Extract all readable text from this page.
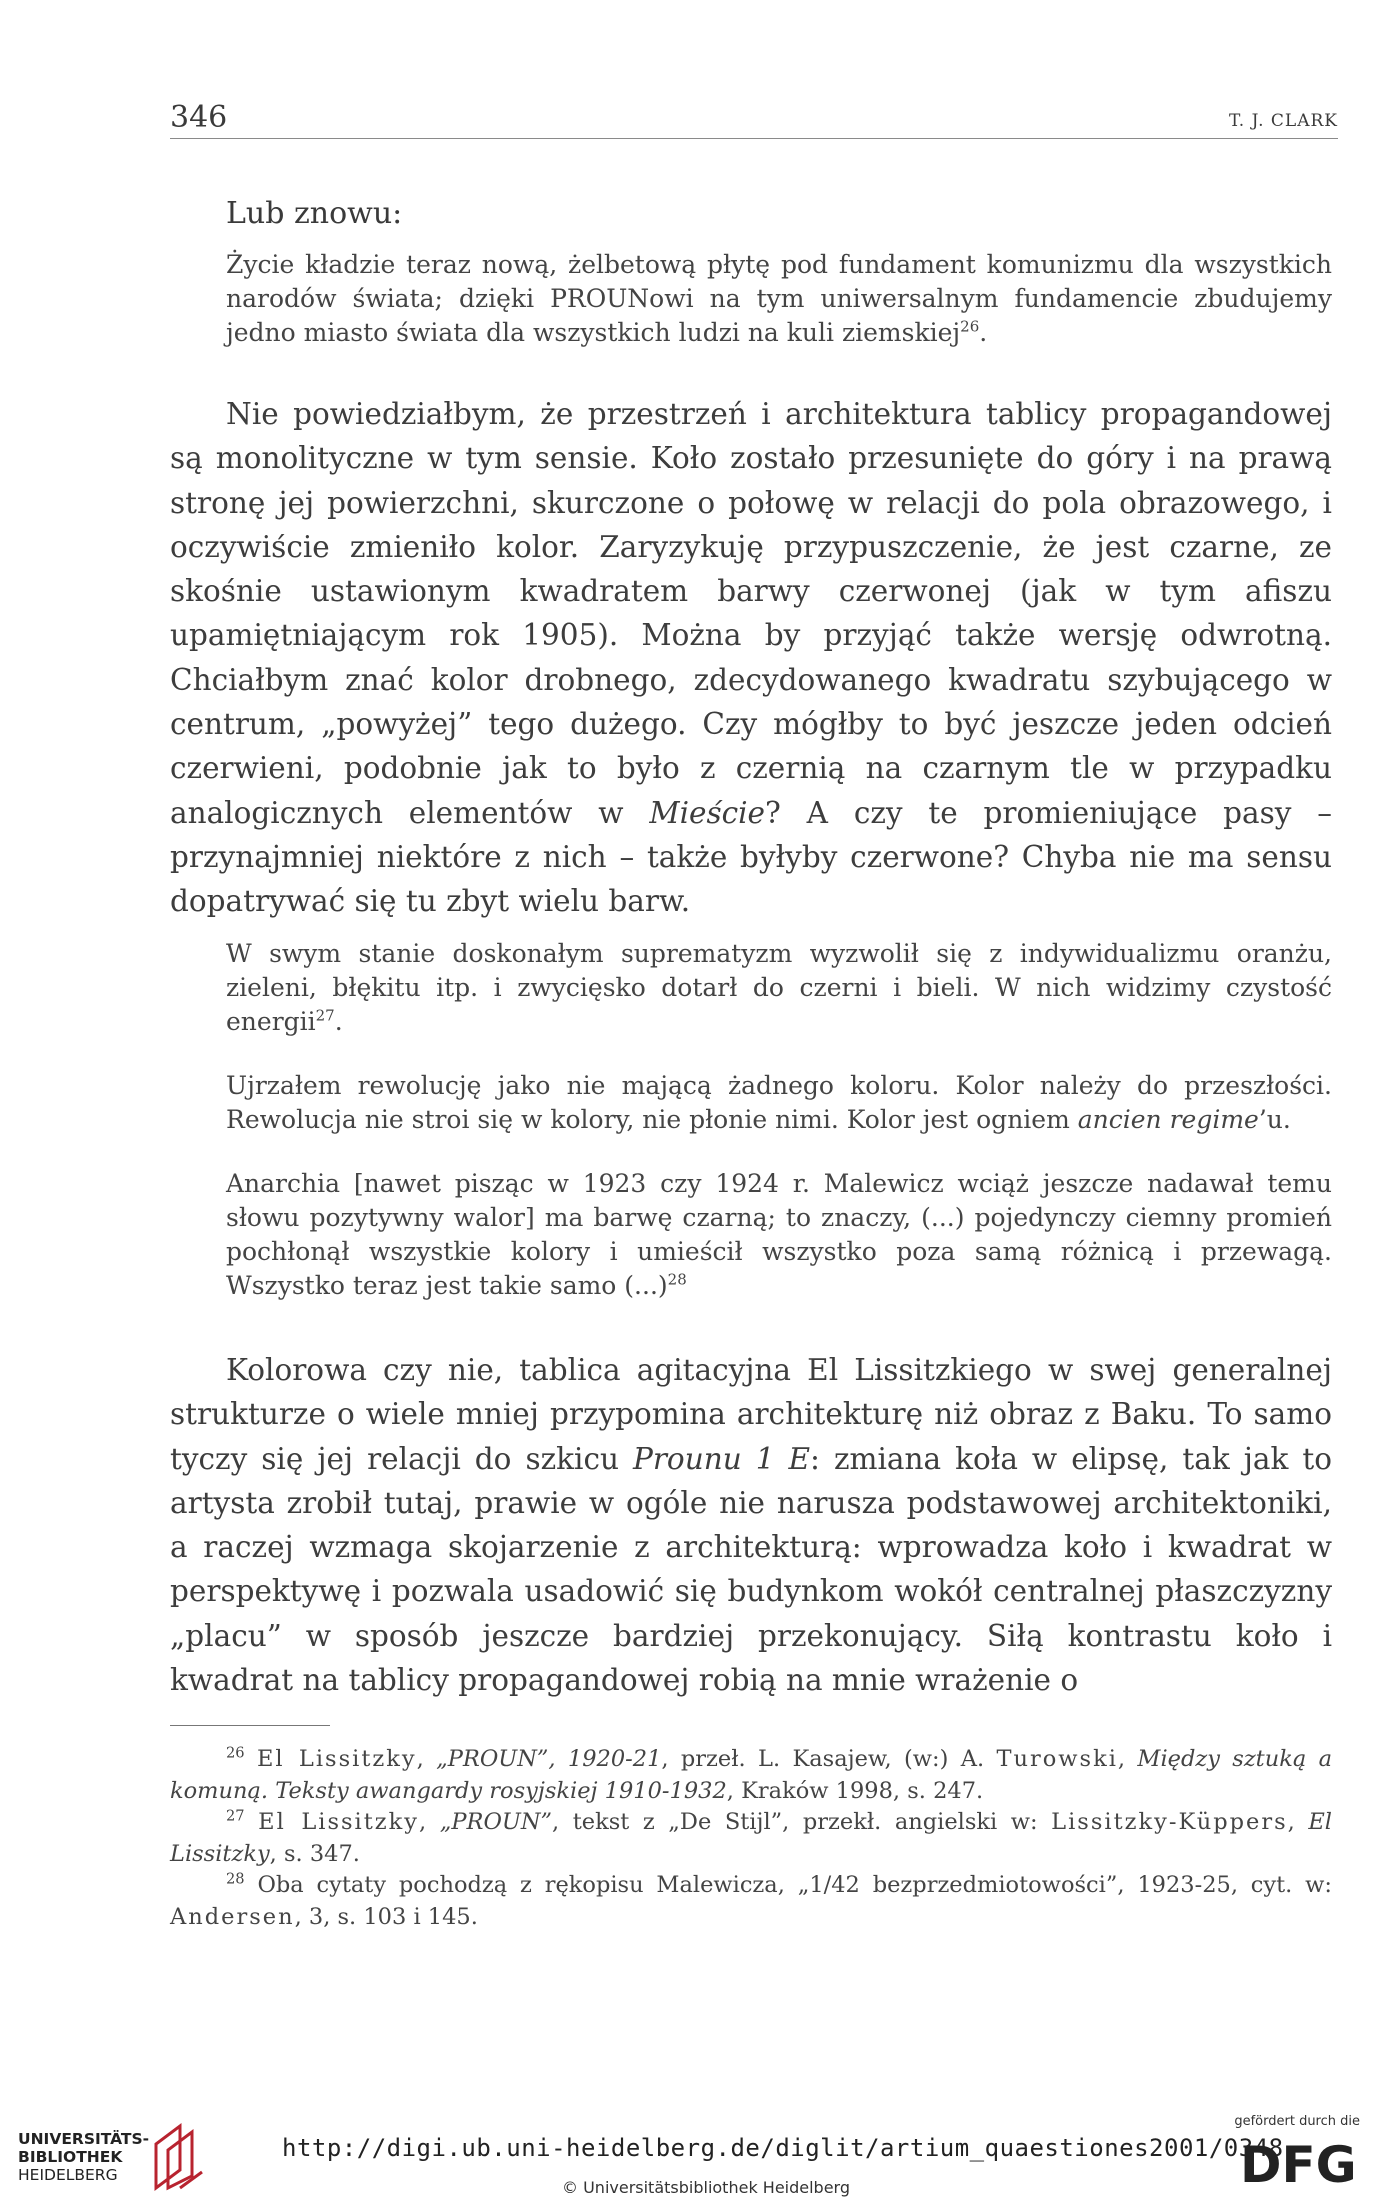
346	T. J. CLARK

Lub znowu:

Życie kładzie teraz nową, żelbetową płytę pod fundament komunizmu dla wszystkich narodów świata; dzięki PROUNowi na tym uniwersalnym fundamencie zbudujemy jedno miasto świata dla wszystkich ludzi na kuli ziemskiej$^{26}$.

Nie powiedziałbym, że przestrzeń i architektura tablicy propagandowej są monolityczne w tym sensie. Koło zostało przesunięte do góry i na prawą stronę jej powierzchni, skurczone o połowę w relacji do pola obrazowego, i oczywiście zmieniło kolor. Zaryzykuję przypuszczenie, że jest czarne, ze skośnie ustawionym kwadratem barwy czerwonej (jak w tym afiszu upamiętniającym rok 1905). Można by przyjąć także wersję odwrotną. Chciałbym znać kolor drobnego, zdecydowanego kwadratu szybującego w centrum, „powyżej” tego dużego. Czy mógłby to być jeszcze jeden odcień czerwieni, podobnie jak to było z czernią na czarnym tle w przypadku analogicznych elementów w Mieście? A czy te promieniujące pasy – przynajmniej niektóre z nich – także byłyby czerwone? Chyba nie ma sensu dopatrywać się tu zbyt wielu barw.

W swym stanie doskonałym suprematyzm wyzwolił się z indywidualizmu oranżu, zieleni, błękitu itp. i zwycięsko dotarł do czerni i bieli. W nich widzimy czystość energii$^{27}$.

Ujrzałem rewolucję jako nie mającą żadnego koloru. Kolor należy do przeszłości. Rewolucja nie stroi się w kolory, nie płonie nimi. Kolor jest ogniem ancien regime’u.

Anarchia [nawet pisząc w 1923 czy 1924 r. Malewicz wciąż jeszcze nadawał temu słowu pozytywny walor] ma barwę czarną; to znaczy, (...) pojedynczy ciemny promień pochłonął wszystkie kolory i umieścił wszystko poza samą różnicą i przewagą. Wszystko teraz jest takie samo (...)$^{28}$

Kolorowa czy nie, tablica agitacyjna El Lissitzkiego w swej generalnej strukturze o wiele mniej przypomina architekturę niż obraz z Baku. To samo tyczy się jej relacji do szkicu Prounu 1 E: zmiana koła w elipsę, tak jak to artysta zrobił tutaj, prawie w ogóle nie narusza podstawowej architektoniki, a raczej wzmaga skojarzenie z architekturą: wprowadza koło i kwadrat w perspektywę i pozwala usadowić się budynkom wokół centralnej płaszczyzny „placu” w sposób jeszcze bardziej przekonujący. Siłą kontrastu koło i kwadrat na tablicy propagandowej robią na mnie wrażenie o

$^{26}$ El Lissitzky, „PROUN”, 1920-21, przeł. L. Kasajew, (w:) A. Turowski, Między sztuką a komuną. Teksty awangardy rosyjskiej 1910-1932, Kraków 1998, s. 247.

$^{27}$ El Lissitzky, „PROUN”, tekst z „De Stijl”, przekł. angielski w: Lissitzky-Küppers, El Lissitzky, s. 347.

$^{28}$ Oba cytaty pochodzą z rękopisu Malewicza, „1/42 bezprzedmiotowości”, 1923-25, cyt. w: Andersen, 3, s. 103 i 145.

UNIVERSITÄTS-
BIBLIOTHEK
HEIDELBERG
http://digi.ub.uni-heidelberg.de/diglit/artium_quaestiones2001/0348
© Universitätsbibliothek Heidelberg
gefördert durch die
DFG
